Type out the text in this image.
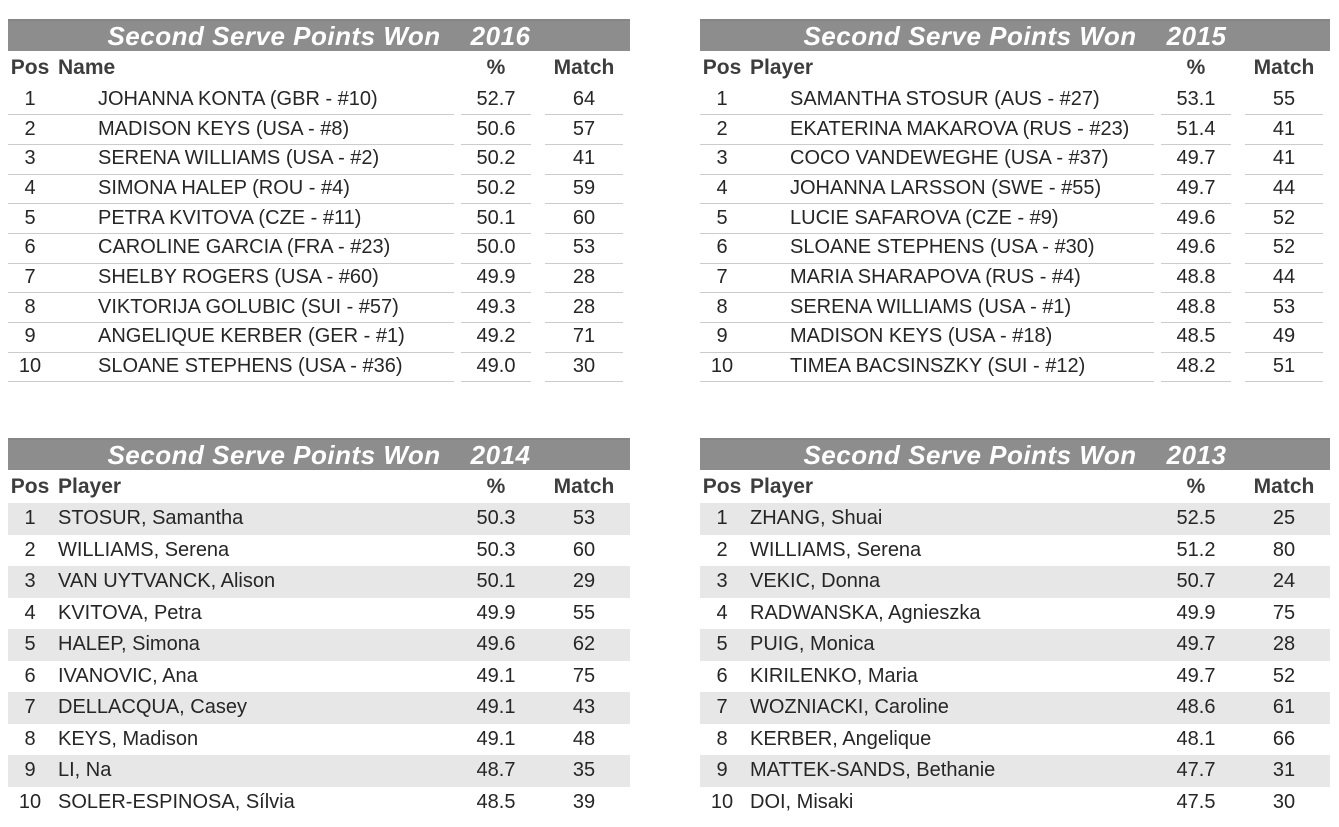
Second Serve Points Won 2016
Pos Name	%	Match
1	JOHANNA KONTA (GBR - #10)	52.7	64
2	MADISON KEYS (USA - #8)	50.6	57
3	SERENA WILLIAMS (USA - #2)	50.2	41
4	SIMONA HALEP (ROU - #4)	50.2	59
5	PETRA KVITOVA (CZE - #11)	50.1	60
6	CAROLINE GARCIA (FRA - #23)	50.0	53
7	SHELBY ROGERS (USA - #60)	49.9	28
8	VIKTORIJA GOLUBIC (SUI - #57)	49.3	28
9	ANGELIQUE KERBER (GER - #1)	49.2	71
10	SLOANE STEPHENS (USA - #36)	49.0	30
Second Serve Points Won 2015
Pos Player	%	Match
1	SAMANTHA STOSUR (AUS - #27)	53.1	55
2	EKATERINA MAKAROVA (RUS - #23)	51.4	41
3	COCO VANDEWEGHE (USA - #37)	49.7	41
4	JOHANNA LARSSON (SWE - #55)	49.7	44
5	LUCIE SAFAROVA (CZE - #9)	49.6	52
6	SLOANE STEPHENS (USA - #30)	49.6	52
7	MARIA SHARAPOVA (RUS - #4)	48.8	44
8	SERENA WILLIAMS (USA - #1)	48.8	53
9	MADISON KEYS (USA - #18)	48.5	49
10	TIMEA BACSINSZKY (SUI - #12)	48.2	51
Second Serve Points Won 2014
Pos Player	%	Match
1	STOSUR, Samantha	50.3	53
2	WILLIAMS, Serena	50.3	60
3	VAN UYTVANCK, Alison	50.1	29
4	KVITOVA, Petra	49.9	55
5	HALEP, Simona	49.6	62
6	IVANOVIC, Ana	49.1	75
7	DELLACQUA, Casey	49.1	43
8	KEYS, Madison	49.1	48
9	LI, Na	48.7	35
10 SOLER-ESPINOSA, Sílvia	48.5	39
Second Serve Points Won 2013
Pos Player	%	Match
1	ZHANG, Shuai	52.5	25
2	WILLIAMS, Serena	51.2	80
3	VEKIC, Donna	50.7	24
4	RADWANSKA, Agnieszka	49.9	75
5	PUIG, Monica	49.7	28
6	KIRILENKO, Maria	49.7	52
7	WOZNIACKI, Caroline	48.6	61
8	KERBER, Angelique	48.1	66
9	MATTEK-SANDS, Bethanie	47.7	31
10 DOI, Misaki	47.5	30
